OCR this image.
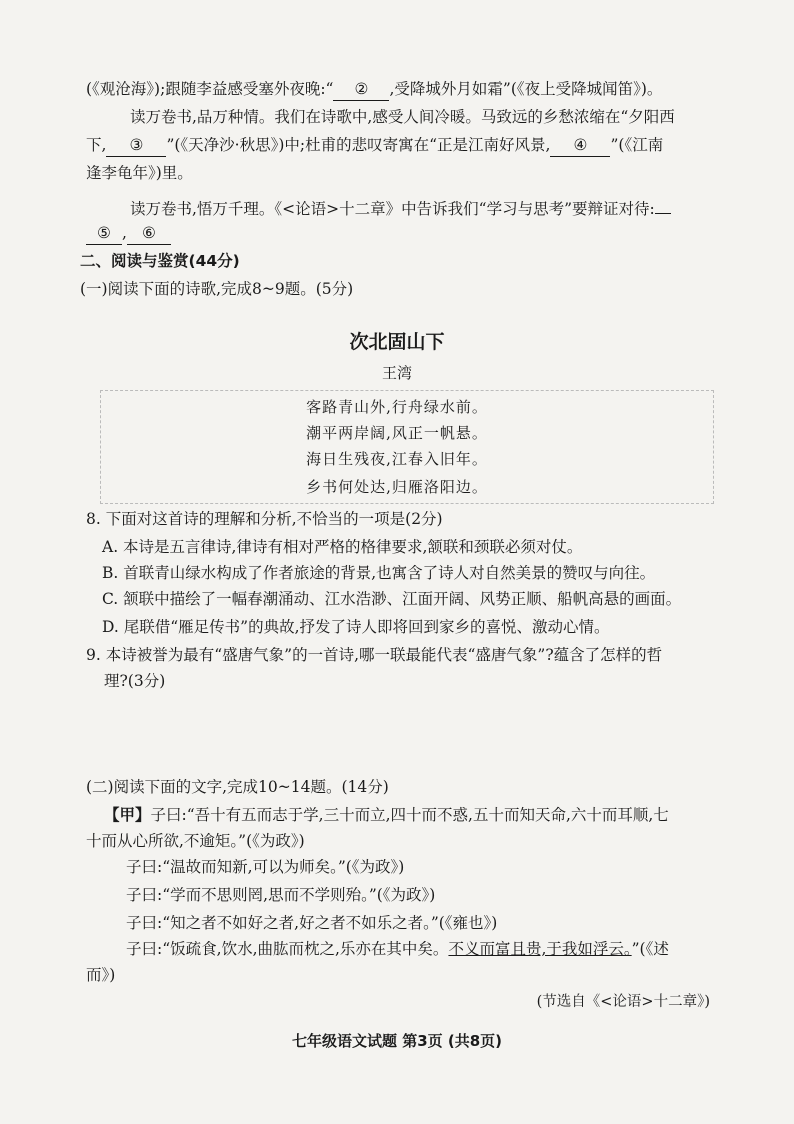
(《观沧海》);跟随李益感受塞外夜晚:“ ② ,受降城外月如霜”(《夜上受降城闻笛》)。
读万卷书,品万种情。我们在诗歌中,感受人间冷暖。马致远的乡愁浓缩在“夕阳西
下, ③ ”(《天净沙·秋思》)中;杜甫的悲叹寄寓在“正是江南好风景, ④ ”(《江南
逢李龟年》)里。
读万卷书,悟万千理。《<论语>十二章》中告诉我们“学习与思考”要辩证对待:
⑤ , ⑥
二、阅读与鉴赏(44分)
(一)阅读下面的诗歌,完成8~9题。(5分)
次北固山下
王湾
客路青山外,行舟绿水前。
潮平两岸阔,风正一帆悬。
海日生残夜,江春入旧年。
乡书何处达,归雁洛阳边。
8. 下面对这首诗的理解和分析,不恰当的一项是(2分)
A. 本诗是五言律诗,律诗有相对严格的格律要求,颔联和颈联必须对仗。
B. 首联青山绿水构成了作者旅途的背景,也寓含了诗人对自然美景的赞叹与向往。
C. 颔联中描绘了一幅春潮涌动、江水浩渺、江面开阔、风势正顺、船帆高悬的画面。
D. 尾联借“雁足传书”的典故,抒发了诗人即将回到家乡的喜悦、激动心情。
9. 本诗被誉为最有“盛唐气象”的一首诗,哪一联最能代表“盛唐气象”?蕴含了怎样的哲
理?(3分)
(二)阅读下面的文字,完成10~14题。(14分)
【甲】子曰:“吾十有五而志于学,三十而立,四十而不惑,五十而知天命,六十而耳顺,七
十而从心所欲,不逾矩。”(《为政》)
子曰:“温故而知新,可以为师矣。”(《为政》)
子曰:“学而不思则罔,思而不学则殆。”(《为政》)
子曰:“知之者不如好之者,好之者不如乐之者。”(《雍也》)
子曰:“饭疏食,饮水,曲肱而枕之,乐亦在其中矣。不义而富且贵,于我如浮云。”(《述
而》)
(节选自《<论语>十二章》)
七年级语文试题 第3页 (共8页)
